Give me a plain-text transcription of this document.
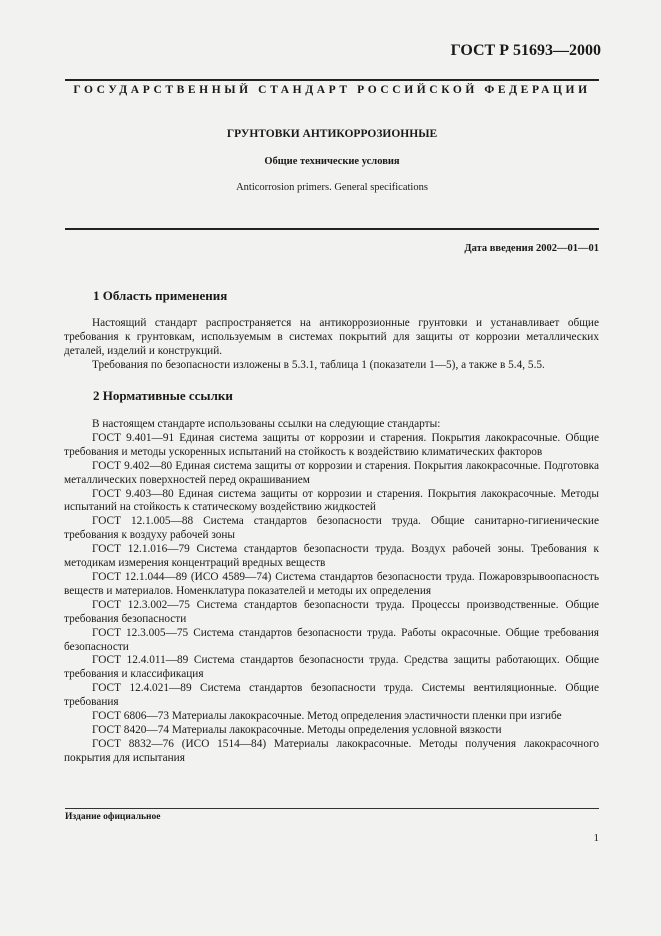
ГОСТ Р 51693—2000
ГОСУДАРСТВЕННЫЙ СТАНДАРТ РОССИЙСКОЙ ФЕДЕРАЦИИ
ГРУНТОВКИ АНТИКОРРОЗИОННЫЕ
Общие технические условия
Anticorrosion primers. General specifications
Дата введения 2002—01—01
1 Область применения

Настоящий стандарт распространяется на антикоррозионные грунтовки и устанавливает общие требования к грунтовкам, используемым в системах покрытий для защиты от коррозии металлических деталей, изделий и конструкций.

Требования по безопасности изложены в 5.3.1, таблица 1 (показатели 1—5), а также в 5.4, 5.5.

2 Нормативные ссылки

В настоящем стандарте использованы ссылки на следующие стандарты:

ГОСТ 9.401—91 Единая система защиты от коррозии и старения. Покрытия лакокрасочные. Общие требования и методы ускоренных испытаний на стойкость к воздействию климатических факторов

ГОСТ 9.402—80 Единая система защиты от коррозии и старения. Покрытия лакокрасочные. Подготовка металлических поверхностей перед окрашиванием

ГОСТ 9.403—80 Единая система защиты от коррозии и старения. Покрытия лакокрасочные. Методы испытаний на стойкость к статическому воздействию жидкостей

ГОСТ 12.1.005—88 Система стандартов безопасности труда. Общие санитарно-гигиенические требования к воздуху рабочей зоны

ГОСТ 12.1.016—79 Система стандартов безопасности труда. Воздух рабочей зоны. Требования к методикам измерения концентраций вредных веществ

ГОСТ 12.1.044—89 (ИСО 4589—74) Система стандартов безопасности труда. Пожаровзрывоопасность веществ и материалов. Номенклатура показателей и методы их определения

ГОСТ 12.3.002—75 Система стандартов безопасности труда. Процессы производственные. Общие требования безопасности

ГОСТ 12.3.005—75 Система стандартов безопасности труда. Работы окрасочные. Общие требования безопасности

ГОСТ 12.4.011—89 Система стандартов безопасности труда. Средства защиты работающих. Общие требования и классификация

ГОСТ 12.4.021—89 Система стандартов безопасности труда. Системы вентиляционные. Общие требования

ГОСТ 6806—73 Материалы лакокрасочные. Метод определения эластичности пленки при изгибе

ГОСТ 8420—74 Материалы лакокрасочные. Методы определения условной вязкости

ГОСТ 8832—76 (ИСО 1514—84) Материалы лакокрасочные. Методы получения лакокрасочного покрытия для испытания

Издание официальное
1
